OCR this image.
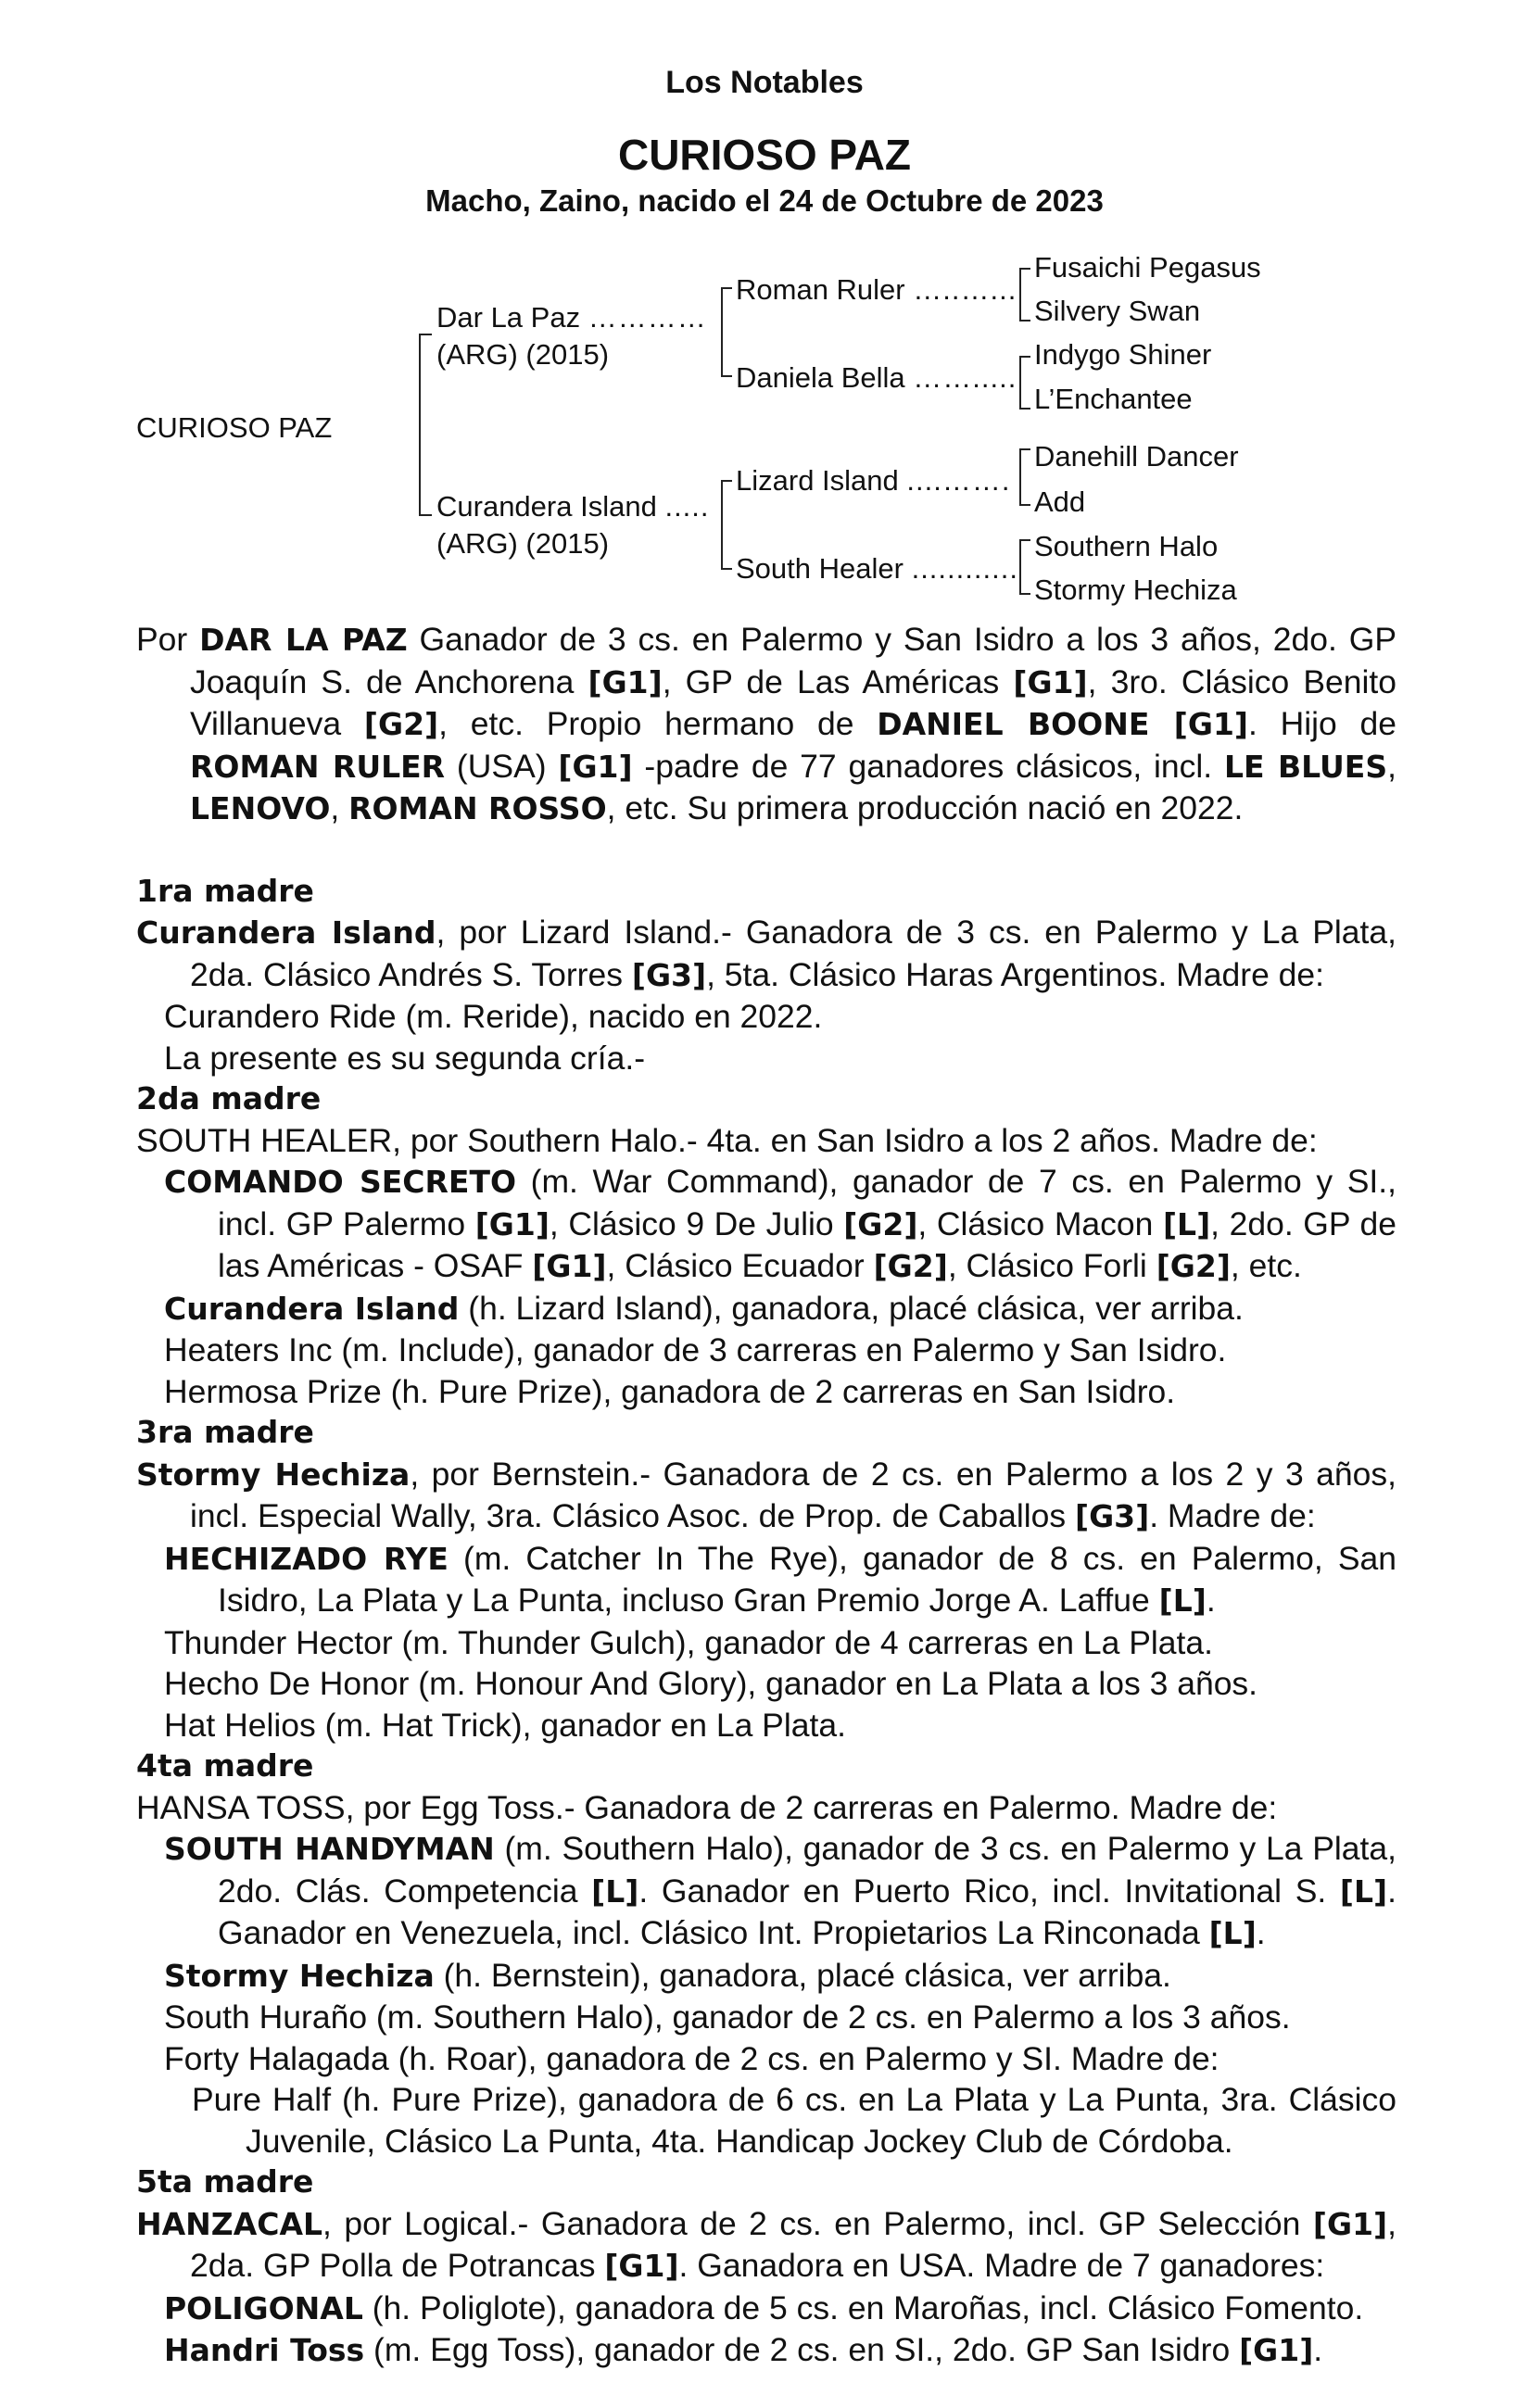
Los Notables
CURIOSO PAZ
Macho, Zaino, nacido el 24 de Octubre de 2023
CURIOSO PAZ
Dar La Paz …………
(ARG) (2015)
Curandera Island .....
(ARG) (2015)
Roman Ruler …..…...
Daniela Bella …….....
Lizard Island ....…….
South Healer ............
Fusaichi Pegasus
Silvery Swan
Indygo Shiner
L’Enchantee
Danehill Dancer
Add
Southern Halo
Stormy Hechiza

Por DAR LA PAZ Ganador de 3 cs. en Palermo y San Isidro a los 3 años, 2do. GP Joaquín S. de Anchorena [G1], GP de Las Américas [G1], 3ro. Clásico Benito Villanueva [G2], etc. Propio hermano de DANIEL BOONE [G1]. Hijo de ROMAN RULER (USA) [G1] -padre de 77 ganadores clásicos, incl. LE BLUES, LENOVO, ROMAN ROSSO, etc. Su primera producción nació en 2022.

1ra madre

Curandera Island, por Lizard Island.- Ganadora de 3 cs. en Palermo y La Plata, 2da. Clásico Andrés S. Torres [G3], 5ta. Clásico Haras Argentinos. Madre de:

Curandero Ride (m. Reride), nacido en 2022.

La presente es su segunda cría.-

2da madre

SOUTH HEALER, por Southern Halo.- 4ta. en San Isidro a los 2 años. Madre de:

COMANDO SECRETO (m. War Command), ganador de 7 cs. en Palermo y SI., incl. GP Palermo [G1], Clásico 9 De Julio [G2], Clásico Macon [L], 2do. GP de las Américas - OSAF [G1], Clásico Ecuador [G2], Clásico Forli [G2], etc.

Curandera Island (h. Lizard Island), ganadora, placé clásica, ver arriba.

Heaters Inc (m. Include), ganador de 3 carreras en Palermo y San Isidro.

Hermosa Prize (h. Pure Prize), ganadora de 2 carreras en San Isidro.

3ra madre

Stormy Hechiza, por Bernstein.- Ganadora de 2 cs. en Palermo a los 2 y 3 años, incl. Especial Wally, 3ra. Clásico Asoc. de Prop. de Caballos [G3]. Madre de:

HECHIZADO RYE (m. Catcher In The Rye), ganador de 8 cs. en Palermo, San Isidro, La Plata y La Punta, incluso Gran Premio Jorge A. Laffue [L].

Thunder Hector (m. Thunder Gulch), ganador de 4 carreras en La Plata.

Hecho De Honor (m. Honour And Glory), ganador en La Plata a los 3 años.

Hat Helios (m. Hat Trick), ganador en La Plata.

4ta madre

HANSA TOSS, por Egg Toss.- Ganadora de 2 carreras en Palermo. Madre de:

SOUTH HANDYMAN (m. Southern Halo), ganador de 3 cs. en Palermo y La Plata, 2do. Clás. Competencia [L]. Ganador en Puerto Rico, incl. Invitational S. [L]. Ganador en Venezuela, incl. Clásico Int. Propietarios La Rinconada [L].

Stormy Hechiza (h. Bernstein), ganadora, placé clásica, ver arriba.

South Huraño (m. Southern Halo), ganador de 2 cs. en Palermo a los 3 años.

Forty Halagada (h. Roar), ganadora de 2 cs. en Palermo y SI. Madre de:

Pure Half (h. Pure Prize), ganadora de 6 cs. en La Plata y La Punta, 3ra. Clásico Juvenile, Clásico La Punta, 4ta. Handicap Jockey Club de Córdoba.

5ta madre

HANZACAL, por Logical.- Ganadora de 2 cs. en Palermo, incl. GP Selección [G1], 2da. GP Polla de Potrancas [G1]. Ganadora en USA. Madre de 7 ganadores:

POLIGONAL (h. Poliglote), ganadora de 5 cs. en Maroñas, incl. Clásico Fomento.

Handri Toss (m. Egg Toss), ganador de 2 cs. en SI., 2do. GP San Isidro [G1].
